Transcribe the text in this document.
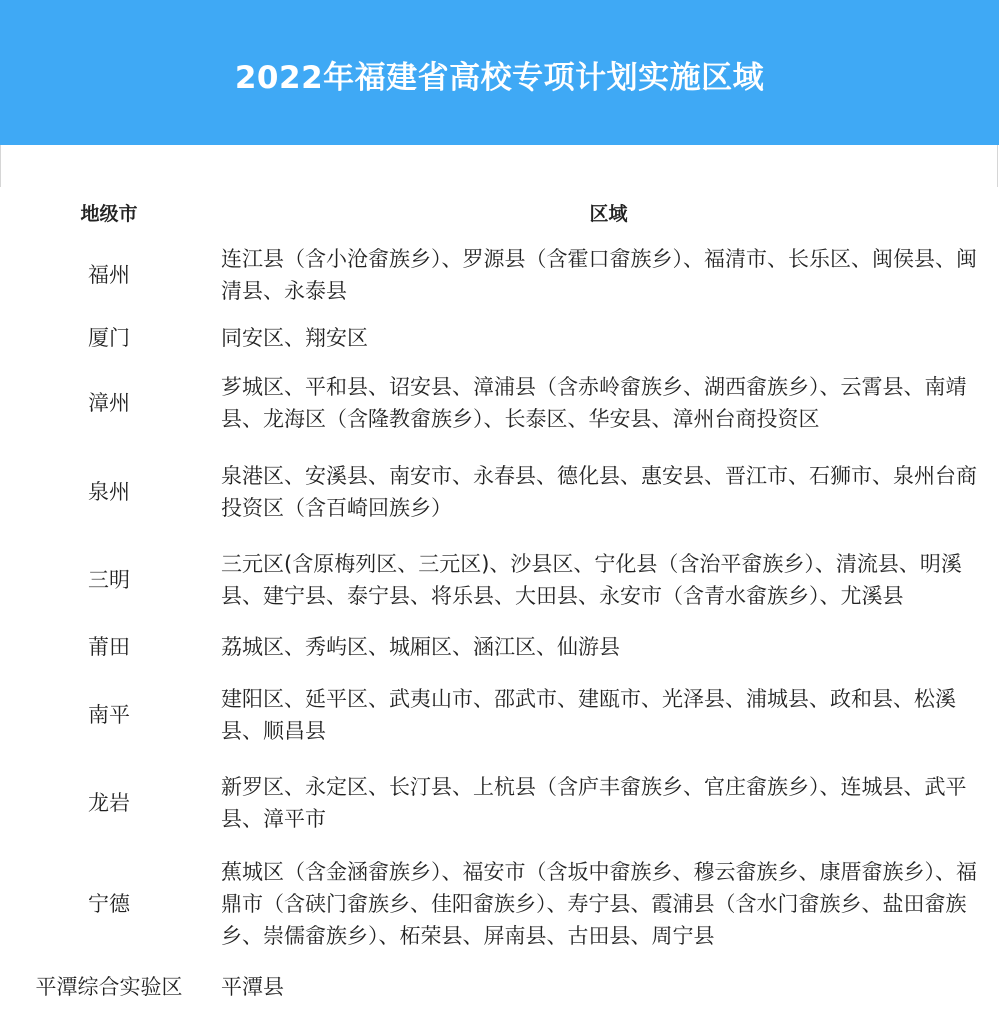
2022年福建省高校专项计划实施区域
地级市	区域
福州	连江县（含小沧畲族乡）、罗源县（含霍口畲族乡）、福清市、长乐区、闽侯县、闽清县、永泰县
厦门	同安区、翔安区
漳州	芗城区、平和县、诏安县、漳浦县（含赤岭畲族乡、湖西畲族乡）、云霄县、南靖县、龙海区（含隆教畲族乡）、长泰区、华安县、漳州台商投资区
泉州	泉港区、安溪县、南安市、永春县、德化县、惠安县、晋江市、石狮市、泉州台商投资区（含百崎回族乡）
三明	三元区(含原梅列区、三元区)、沙县区、宁化县（含治平畲族乡）、清流县、明溪县、建宁县、泰宁县、将乐县、大田县、永安市（含青水畲族乡）、尤溪县
莆田	荔城区、秀屿区、城厢区、涵江区、仙游县
南平	建阳区、延平区、武夷山市、邵武市、建瓯市、光泽县、浦城县、政和县、松溪县、顺昌县
龙岩	新罗区、永定区、长汀县、上杭县（含庐丰畲族乡、官庄畲族乡）、连城县、武平县、漳平市
宁德	蕉城区（含金涵畲族乡）、福安市（含坂中畲族乡、穆云畲族乡、康厝畲族乡）、福鼎市（含硖门畲族乡、佳阳畲族乡）、寿宁县、霞浦县（含水门畲族乡、盐田畲族乡、崇儒畲族乡）、柘荣县、屏南县、古田县、周宁县
平潭综合实验区	平潭县
